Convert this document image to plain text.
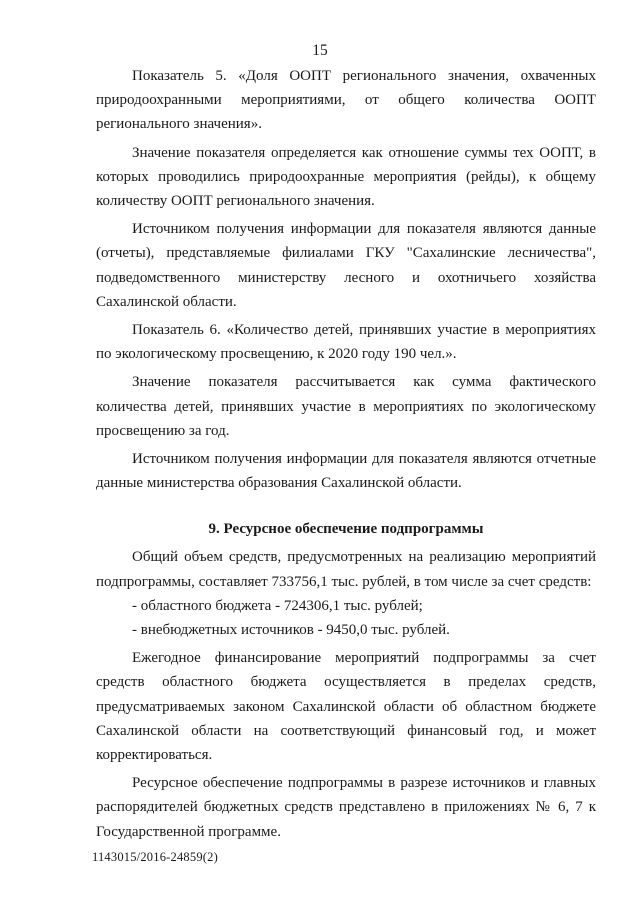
15

Показатель 5. «Доля ООПТ регионального значения, охваченных природоохранными мероприятиями, от общего количества ООПТ регионального значения».

Значение показателя определяется как отношение суммы тех ООПТ, в которых проводились природоохранные мероприятия (рейды), к общему количеству ООПТ регионального значения.

Источником получения информации для показателя являются данные (отчеты), представляемые филиалами ГКУ "Сахалинские лесничества", подведомственного министерству лесного и охотничьего хозяйства Сахалинской области.

Показатель 6. «Количество детей, принявших участие в мероприятиях по экологическому просвещению, к 2020 году 190 чел.».

Значение показателя рассчитывается как сумма фактического количества детей, принявших участие в мероприятиях по экологическому просвещению за год.

Источником получения информации для показателя являются отчетные данные министерства образования Сахалинской области.

9. Ресурсное обеспечение подпрограммы

Общий объем средств, предусмотренных на реализацию мероприятий подпрограммы, составляет 733756,1 тыс. рублей, в том числе за счет средств:

- областного бюджета - 724306,1 тыс. рублей;

- внебюджетных источников - 9450,0 тыс. рублей.

Ежегодное финансирование мероприятий подпрограммы за счет средств областного бюджета осуществляется в пределах средств, предусматриваемых законом Сахалинской области об областном бюджете Сахалинской области на соответствующий финансовый год, и может корректироваться.

Ресурсное обеспечение подпрограммы в разрезе источников и главных распорядителей бюджетных средств представлено в приложениях № 6, 7 к Государственной программе.

1143015/2016-24859(2)
